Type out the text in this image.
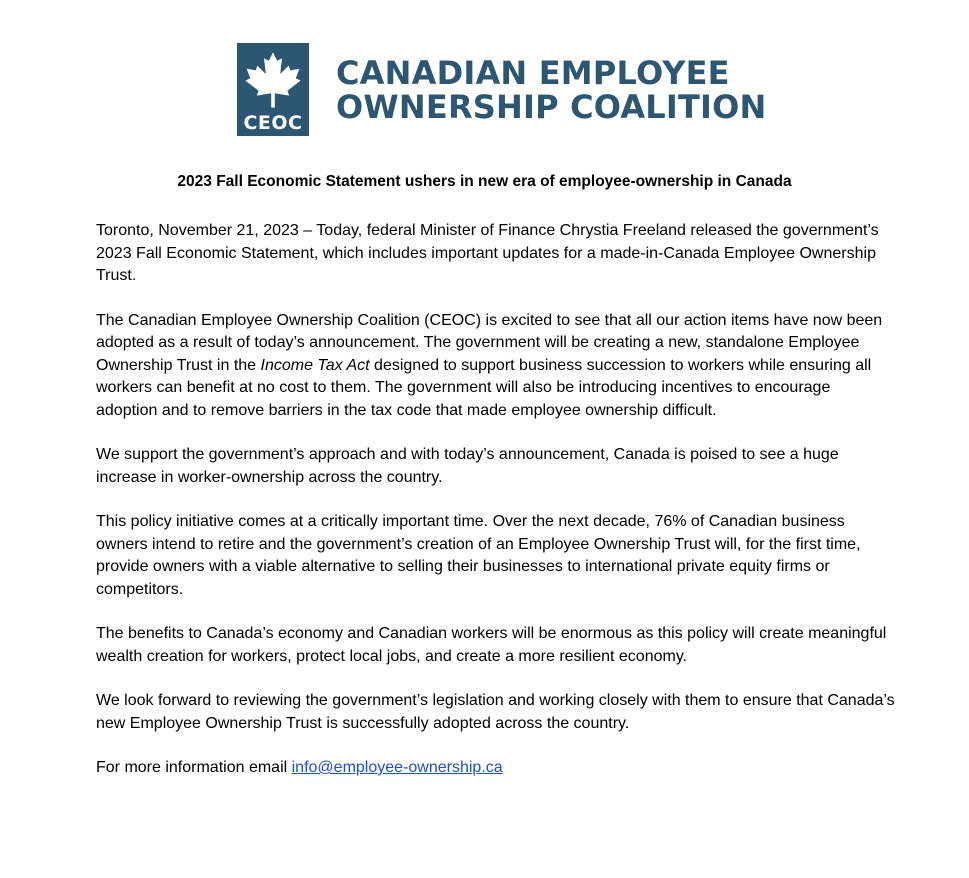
CEOC
CANADIAN EMPLOYEE
OWNERSHIP COALITION
2023 Fall Economic Statement ushers in new era of employee-ownership in Canada

Toronto, November 21, 2023 – Today, federal Minister of Finance Chrystia Freeland released the government’s 2023 Fall Economic Statement, which includes important updates for a made-in-Canada Employee Ownership Trust.

The Canadian Employee Ownership Coalition (CEOC) is excited to see that all our action items have now been adopted as a result of today’s announcement. The government will be creating a new, standalone Employee Ownership Trust in the Income Tax Act designed to support business succession to workers while ensuring all workers can benefit at no cost to them. The government will also be introducing incentives to encourage adoption and to remove barriers in the tax code that made employee ownership difficult.

We support the government’s approach and with today’s announcement, Canada is poised to see a huge increase in worker-ownership across the country.

This policy initiative comes at a critically important time. Over the next decade, 76% of Canadian business owners intend to retire and the government’s creation of an Employee Ownership Trust will, for the first time, provide owners with a viable alternative to selling their businesses to international private equity firms or competitors.

The benefits to Canada’s economy and Canadian workers will be enormous as this policy will create meaningful wealth creation for workers, protect local jobs, and create a more resilient economy.

We look forward to reviewing the government’s legislation and working closely with them to ensure that Canada’s new Employee Ownership Trust is successfully adopted across the country.

For more information email info@employee-ownership.ca
